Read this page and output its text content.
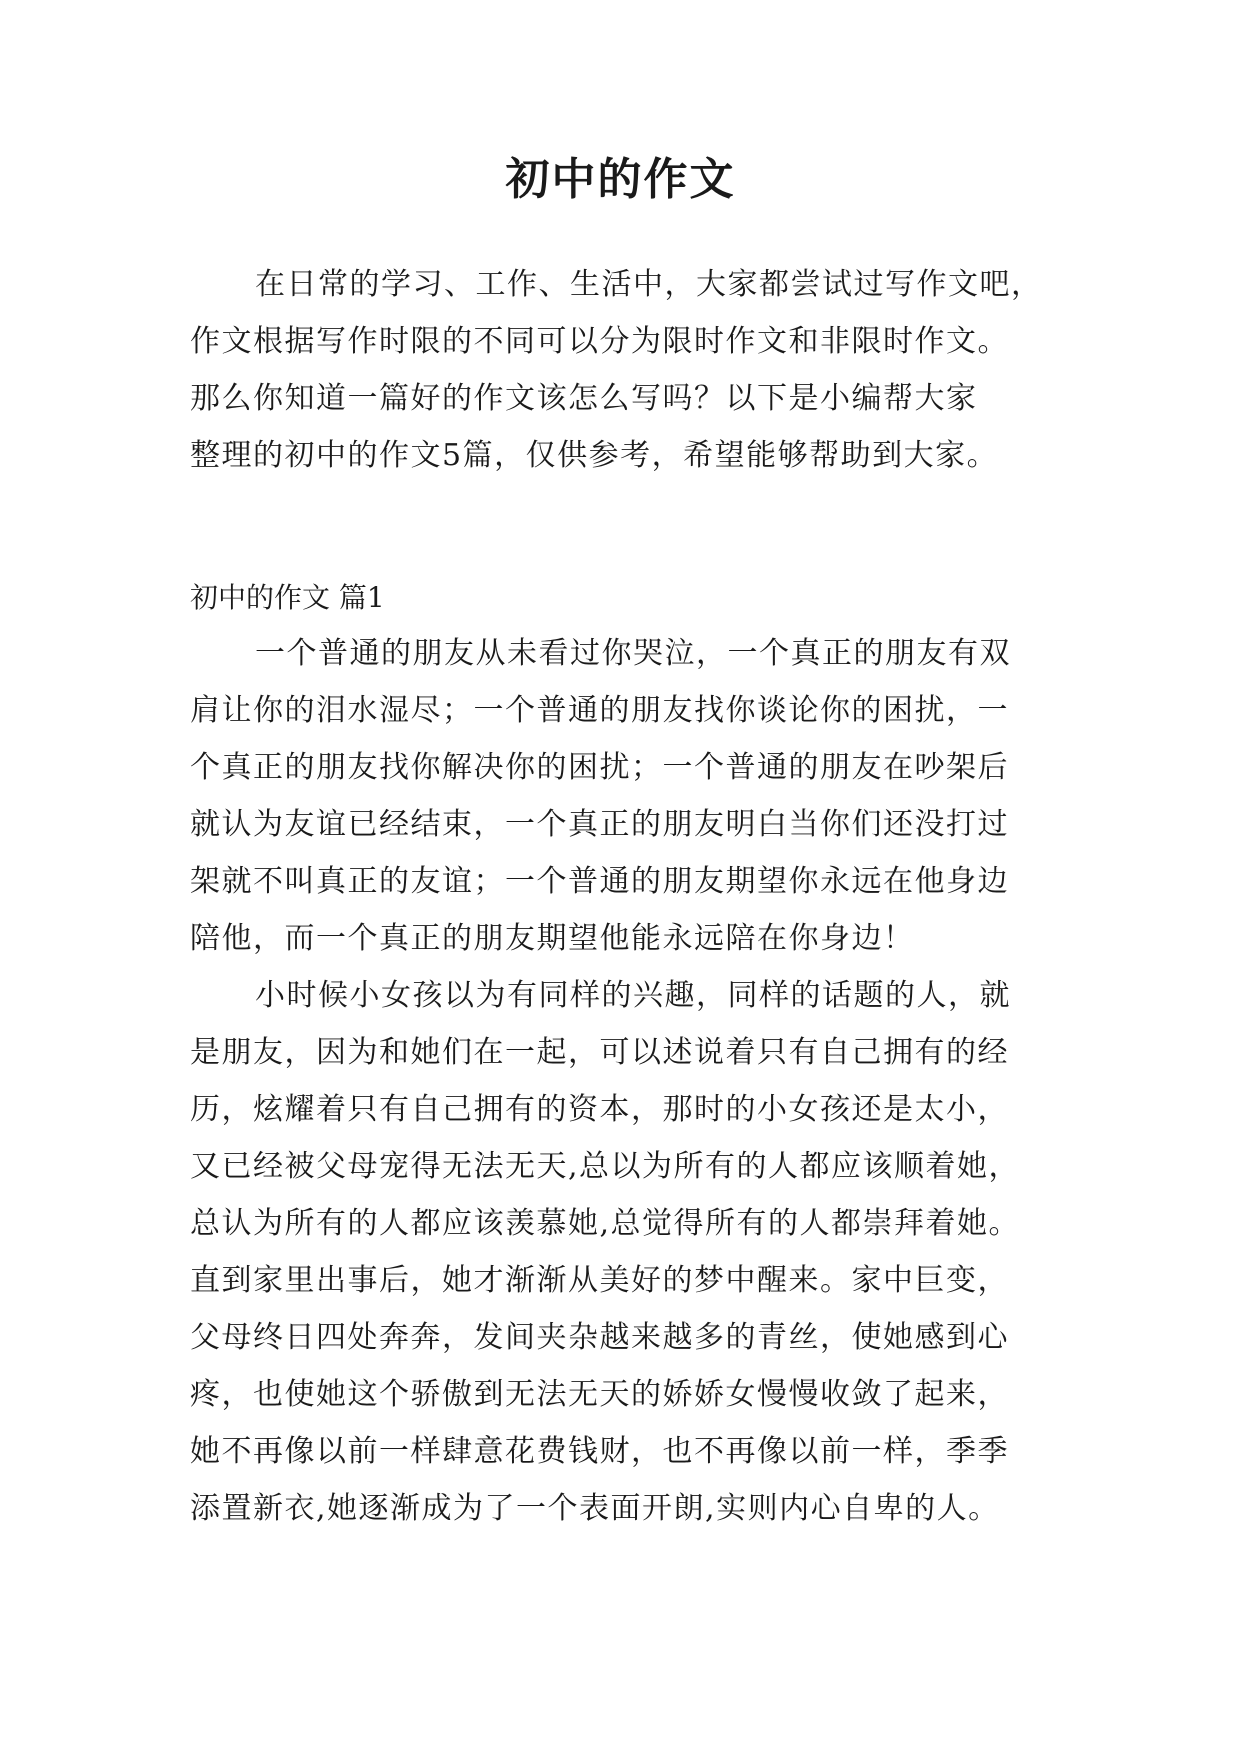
初中的作文
在日常的学习、工作、生活中，大家都尝试过写作文吧，
作文根据写作时限的不同可以分为限时作文和非限时作文。
那么你知道一篇好的作文该怎么写吗？以下是小编帮大家
整理的初中的作文5篇，仅供参考，希望能够帮助到大家。
初中的作文 篇1
一个普通的朋友从未看过你哭泣，一个真正的朋友有双
肩让你的泪水湿尽；一个普通的朋友找你谈论你的困扰，一
个真正的朋友找你解决你的困扰；一个普通的朋友在吵架后
就认为友谊已经结束，一个真正的朋友明白当你们还没打过
架就不叫真正的友谊；一个普通的朋友期望你永远在他身边
陪他，而一个真正的朋友期望他能永远陪在你身边！
小时候小女孩以为有同样的兴趣，同样的话题的人，就
是朋友，因为和她们在一起，可以述说着只有自己拥有的经
历，炫耀着只有自己拥有的资本，那时的小女孩还是太小，
又已经被父母宠得无法无天,总以为所有的人都应该顺着她，
总认为所有的人都应该羡慕她,总觉得所有的人都崇拜着她。
直到家里出事后，她才渐渐从美好的梦中醒来。家中巨变，
父母终日四处奔奔，发间夹杂越来越多的青丝，使她感到心
疼，也使她这个骄傲到无法无天的娇娇女慢慢收敛了起来，
她不再像以前一样肆意花费钱财，也不再像以前一样，季季
添置新衣,她逐渐成为了一个表面开朗,实则内心自卑的人。
